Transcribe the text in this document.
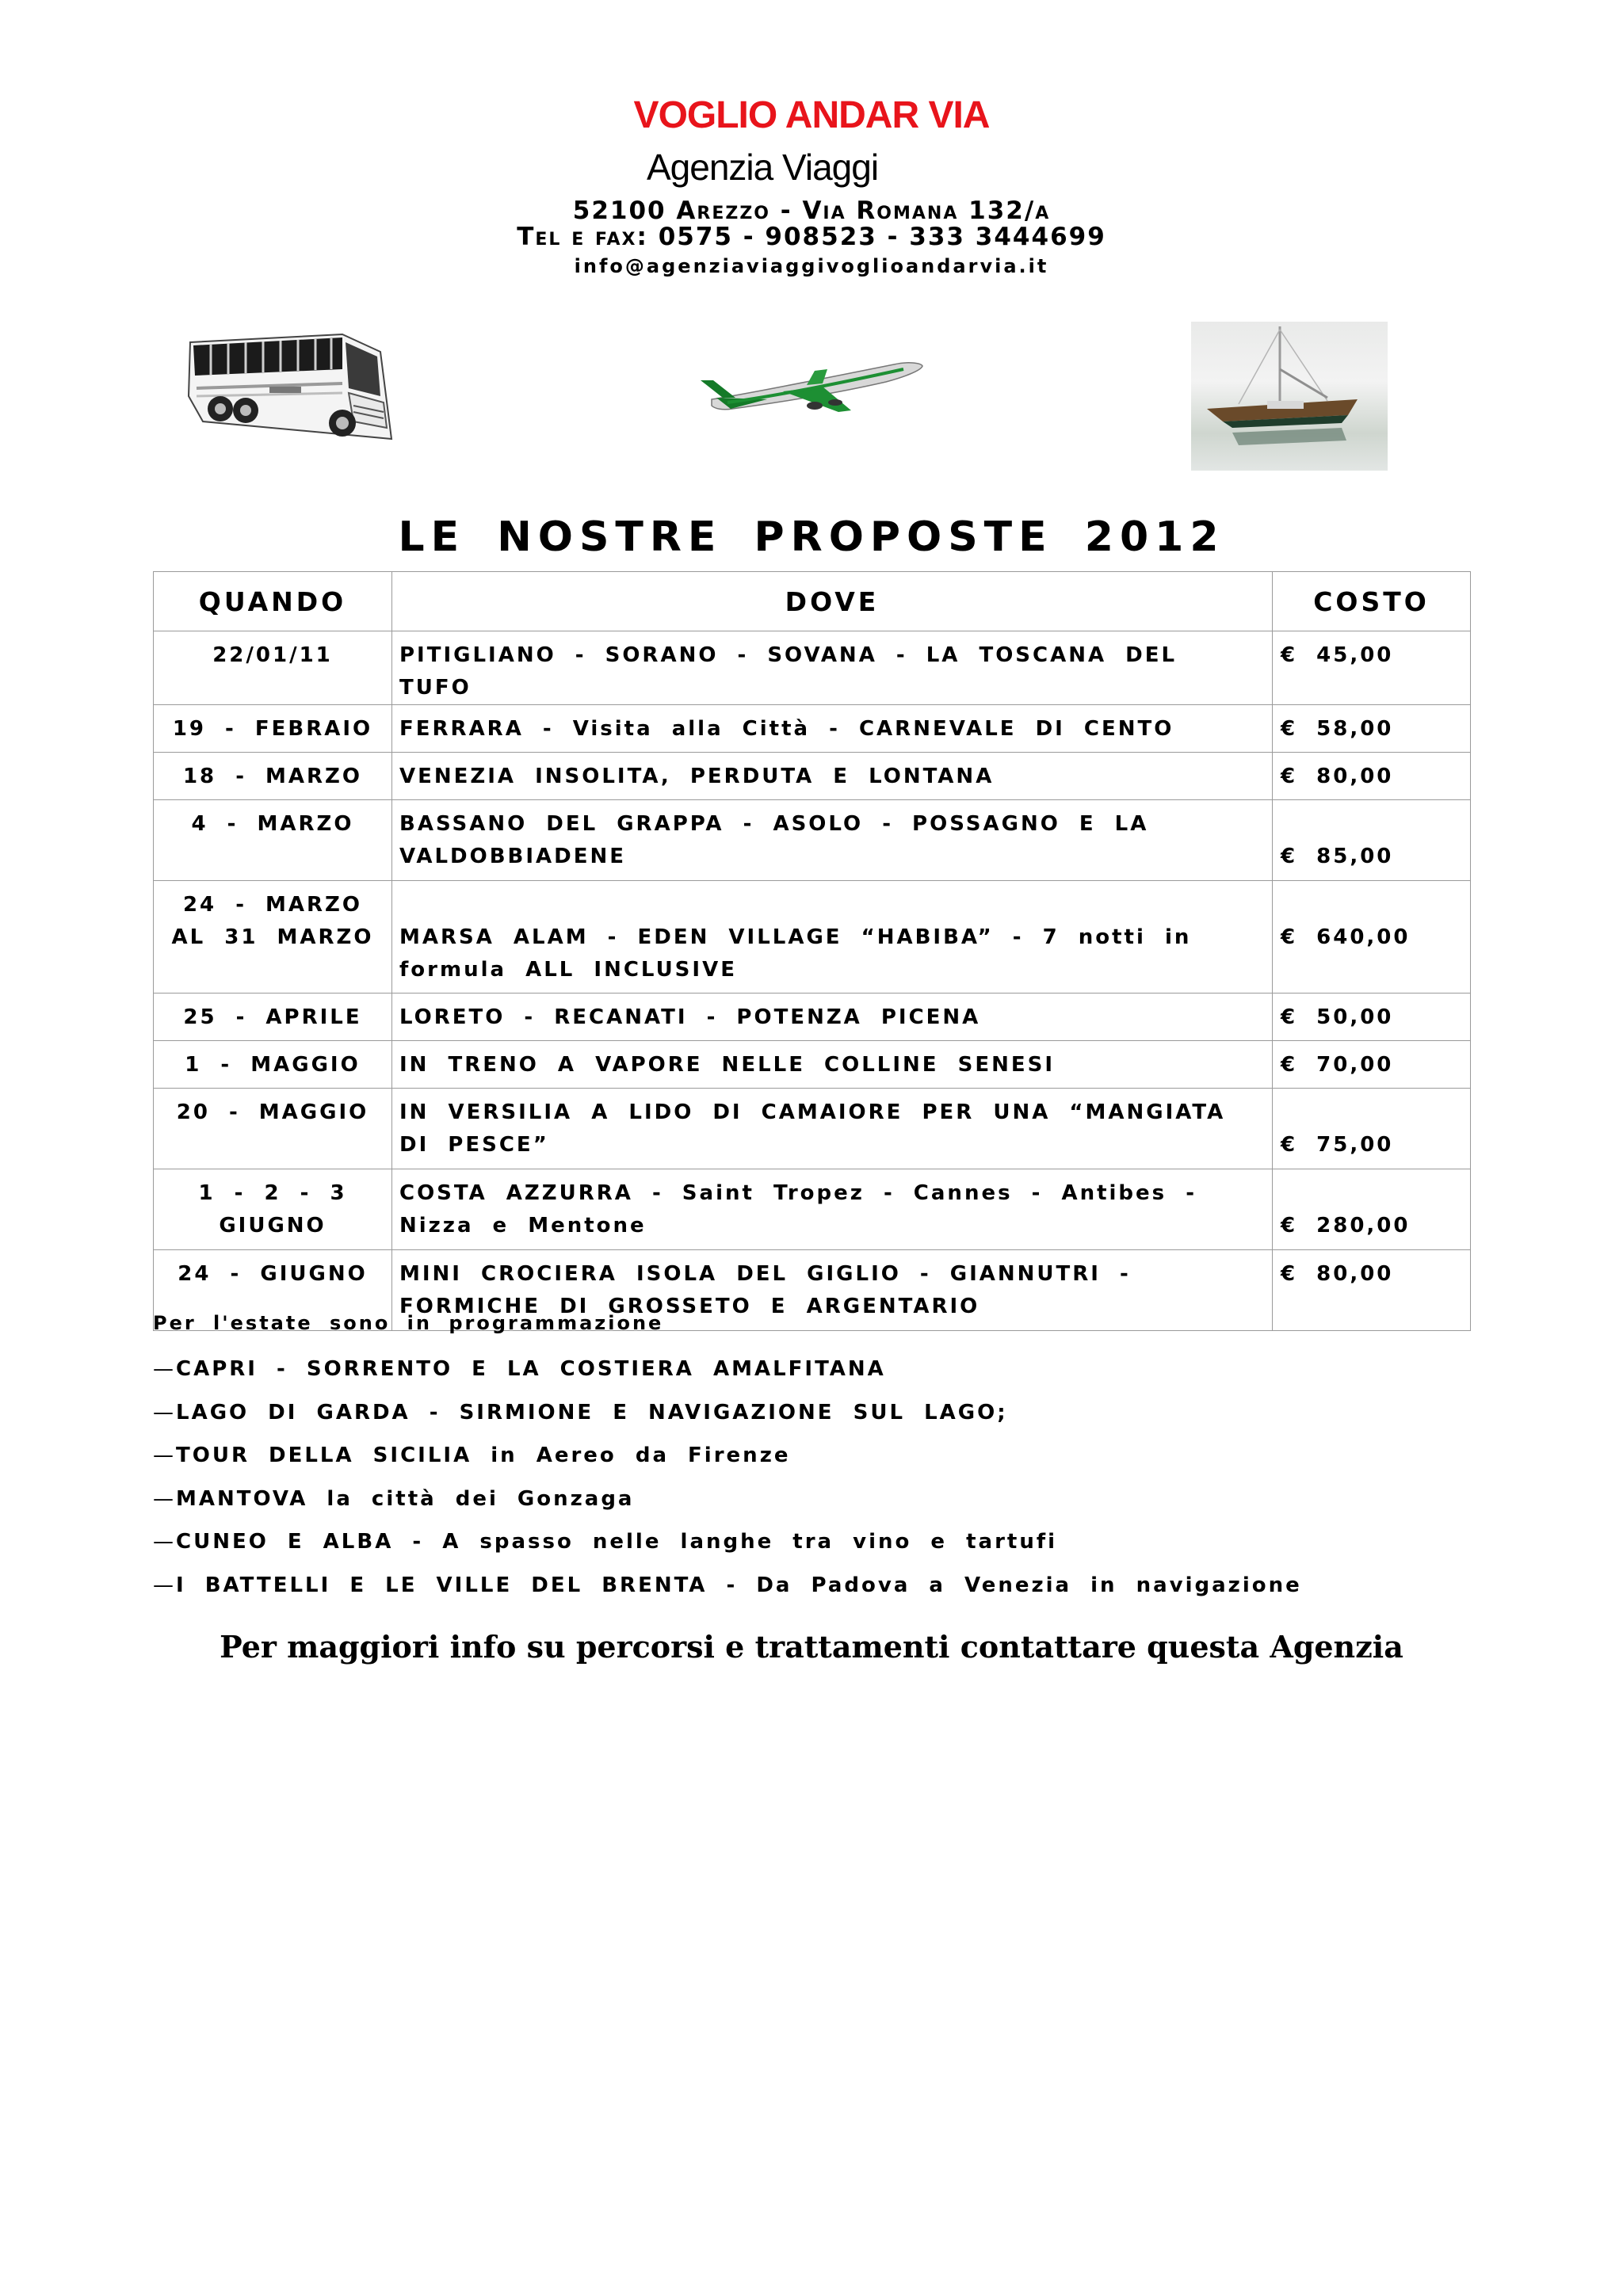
VOGLIO ANDAR VIA
Agenzia Viaggi
52100 Arezzo - Via Romana 132/a
Tel e fax: 0575 - 908523 - 333 3444699
info@agenziaviaggivoglioandarvia.it
LE NOSTRE PROPOSTE 2012
QUANDO	DOVE	COSTO
22/01/11	PITIGLIANO - SORANO - SOVANA - LA TOSCANA DEL TUFO	€ 45,00
19 - FEBRAIO	FERRARA - Visita alla Città - CARNEVALE DI CENTO	€ 58,00
18 - MARZO	VENEZIA INSOLITA, PERDUTA E LONTANA	€ 80,00
4 - MARZO	BASSANO DEL GRAPPA - ASOLO - POSSAGNO E LA VALDOBBIADENE	€ 85,00

24 - MARZO AL 31 MARZO	MARSA ALAM - EDEN VILLAGE “HABIBA” - 7 notti in formula ALL INCLUSIVE	€ 640,00

25 - APRILE	LORETO - RECANATI - POTENZA PICENA	€ 50,00
1 - MAGGIO	IN TRENO A VAPORE NELLE COLLINE SENESI	€ 70,00
20 - MAGGIO	IN VERSILIA A LIDO DI CAMAIORE PER UNA “MANGIATA DI PESCE”	€ 75,00

1 - 2 - 3 GIUGNO	COSTA AZZURRA - Saint Tropez - Cannes - Antibes - Nizza e Mentone	€ 280,00

24 - GIUGNO	MINI CROCIERA ISOLA DEL GIGLIO - GIANNUTRI - FORMICHE DI GROSSETO E ARGENTARIO	€ 80,00
Per l'estate sono in programmazione
—CAPRI - SORRENTO E LA COSTIERA AMALFITANA
—LAGO DI GARDA - SIRMIONE E NAVIGAZIONE SUL LAGO;
—TOUR DELLA SICILIA in Aereo da Firenze
—MANTOVA la città dei Gonzaga
—CUNEO E ALBA - A spasso nelle langhe tra vino e tartufi
—I BATTELLI E LE VILLE DEL BRENTA - Da Padova a Venezia in navigazione
Per maggiori info su percorsi e trattamenti contattare questa Agenzia
